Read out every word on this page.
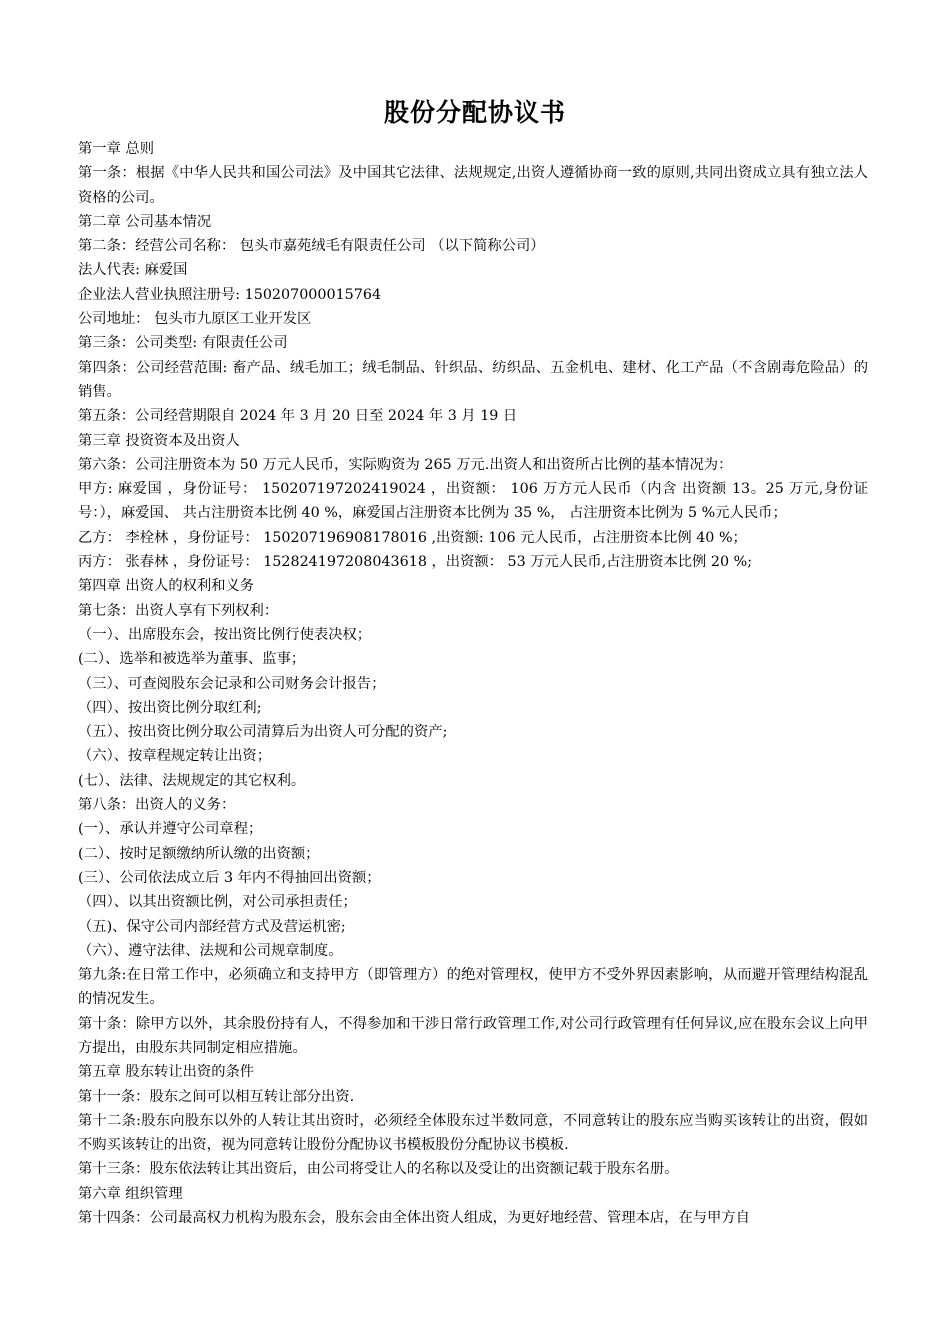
股份分配协议书

第一章 总则

第一条：根据《中华人民共和国公司法》及中国其它法律、法规规定,出资人遵循协商一致的原则,共同出资成立具有独立法人资格的公司。

第二章 公司基本情况

第二条：经营公司名称： 包头市嘉苑绒毛有限责任公司 （以下简称公司）

法人代表: 麻爱国

企业法人营业执照注册号: 150207000015764

公司地址： 包头市九原区工业开发区

第三条：公司类型: 有限责任公司

第四条：公司经营范围: 畜产品、绒毛加工；绒毛制品、针织品、纺织品、五金机电、建材、化工产品（不含剧毒危险品）的销售。

第五条：公司经营期限自 2024 年 3 月 20 日至 2024 年 3 月 19 日

第三章 投资资本及出资人

第六条：公司注册资本为 50 万元人民币，实际购资为 265 万元.出资人和出资所占比例的基本情况为：

甲方: 麻爱国 ，身份证号： 150207197202419024 ，出资额： 106 万方元人民币（内含 出资额 13。25 万元,身份证号：），麻爱国、 共占注册资本比例 40 %，麻爱国占注册资本比例为 35 %， 占注册资本比例为 5 %元人民币；

乙方： 李栓林 ，身份证号： 150207196908178016 ,出资额: 106 元人民币，占注册资本比例 40 %；

丙方： 张春林 ，身份证号： 152824197208043618 ，出资额： 53 万元人民币,占注册资本比例 20 %;

第四章 出资人的权利和义务

第七条：出资人享有下列权利：

（一）、出席股东会，按出资比例行使表决权；

(二）、选举和被选举为董事、监事；

（三）、可查阅股东会记录和公司财务会计报告；

（四）、按出资比例分取红利;

（五）、按出资比例分取公司清算后为出资人可分配的资产;

（六）、按章程规定转让出资；

(七）、法律、法规规定的其它权利。

第八条：出资人的义务：

(一）、承认并遵守公司章程；

(二）、按时足额缴纳所认缴的出资额；

(三）、公司依法成立后 3 年内不得抽回出资额；

（四）、以其出资额比例，对公司承担责任；

（五)、保守公司内部经营方式及营运机密;

（六）、遵守法律、法规和公司规章制度。

第九条:在日常工作中，必须确立和支持甲方（即管理方）的绝对管理权，使甲方不受外界因素影响，从而避开管理结构混乱的情况发生。

第十条：除甲方以外，其余股份持有人，不得参加和干涉日常行政管理工作,对公司行政管理有任何异议,应在股东会议上向甲方提出，由股东共同制定相应措施。

第五章 股东转让出资的条件

第十一条：股东之间可以相互转让部分出资.

第十二条:股东向股东以外的人转让其出资时，必须经全体股东过半数同意，不同意转让的股东应当购买该转让的出资，假如不购买该转让的出资，视为同意转让股份分配协议书模板股份分配协议书模板.

第十三条：股东依法转让其出资后，由公司将受让人的名称以及受让的出资额记载于股东名册。

第六章 组织管理

第十四条：公司最高权力机构为股东会，股东会由全体出资人组成，为更好地经营、管理本店，在与甲方自
